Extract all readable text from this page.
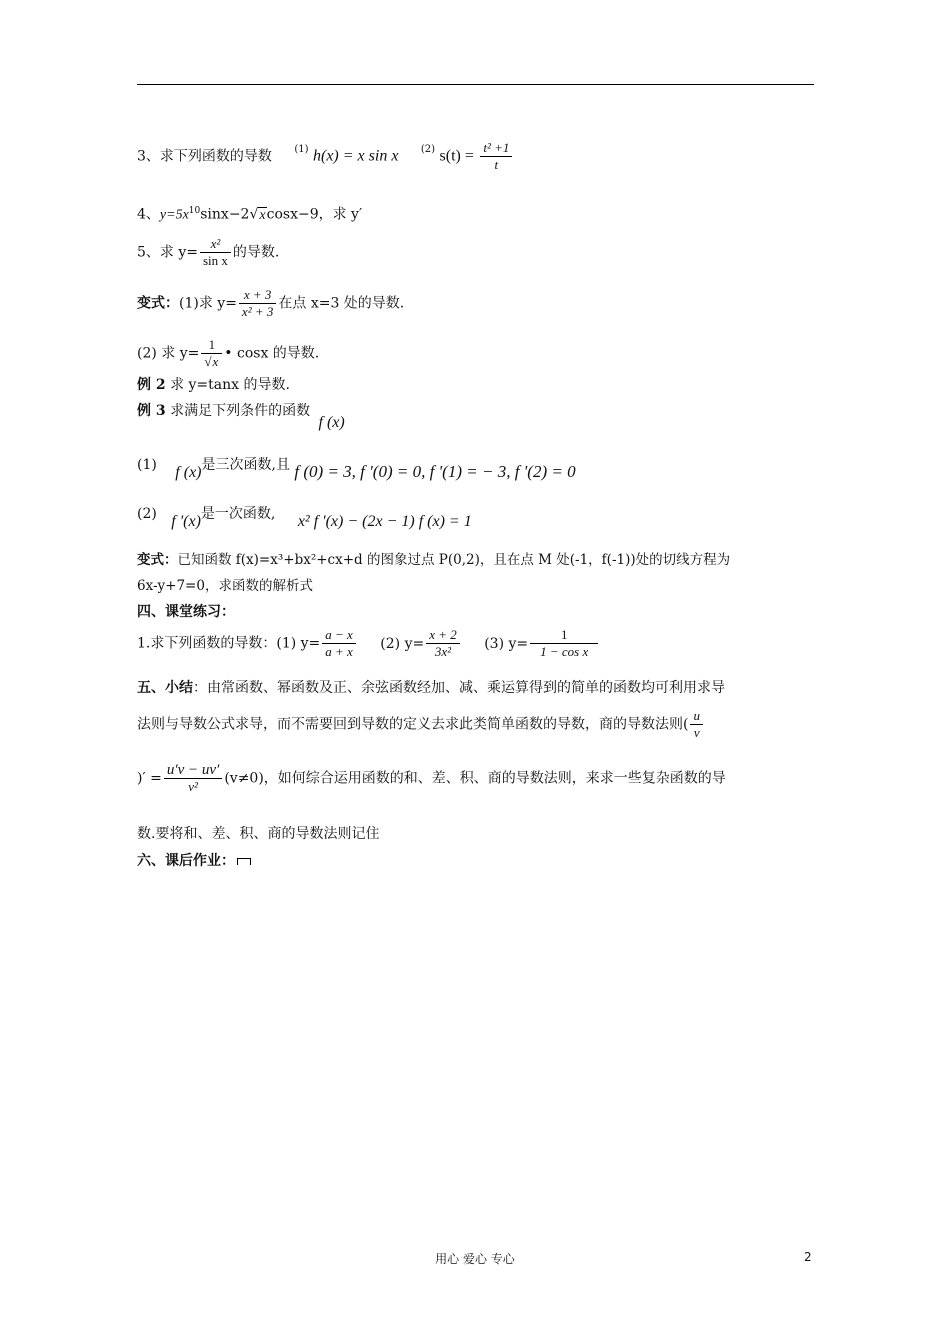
3、求下列函数的导数 $^{(1)}$ h(x) = x sin x $^{(2)}$ $s(t) = \frac{\text{t² +1}}{t}$
4、$y=5x^{10}\sin x-2√xcosx-9$，求 y′
5、求 $y= \frac{\text{x²}}{\text{sin x}}$ 的导数.
变式：(1)求 $y= \frac{x + 3}{\text{x² + 3}}$ 在点 x=3 处的导数.
(2) 求 $y= \frac{1}{√x}$ • cosx 的导数.
例 2 求 y=tanx 的导数.
例 3 求满足下列条件的函数 f (x)
(1) f (x)是三次函数,且 f (0) = 3, f '(0) = 0, f '(1) = − 3, f '(2) = 0
(2) f '(x)是一次函数, x² f '(x) − (2x − 1) f (x) = 1
变式：已知函数 f(x)=x³+bx²+cx+d 的图象过点 P(0,2)，且在点 M 处(-1，f(-1))处的切线方程为
6x-y+7=0，求函数的解析式
四、课堂练习：
1.求下列函数的导数：(1) $y= \frac{a - x}{a + x} (2)$ $y= \frac{x + 2}{\text{3x²}} (3)$ $y= \frac{1}{\text{1 − cos x}}$
五、小结：由常函数、幂函数及正、余弦函数经加、减、乘运算得到的简单的函数均可利用求导
法则与导数公式求导，而不需要回到导数的定义去求此类简单函数的导数，商的导数法则( $\frac{u}{v}$
)′ = $\frac{u'v - uv'}{\text{v²}} (v\ne 0)$，如何综合运用函数的和、差、积、商的导数法则，来求一些复杂函数的导
数.要将和、差、积、商的导数法则记住
六、课后作业：
用心 爱心 专心	2
